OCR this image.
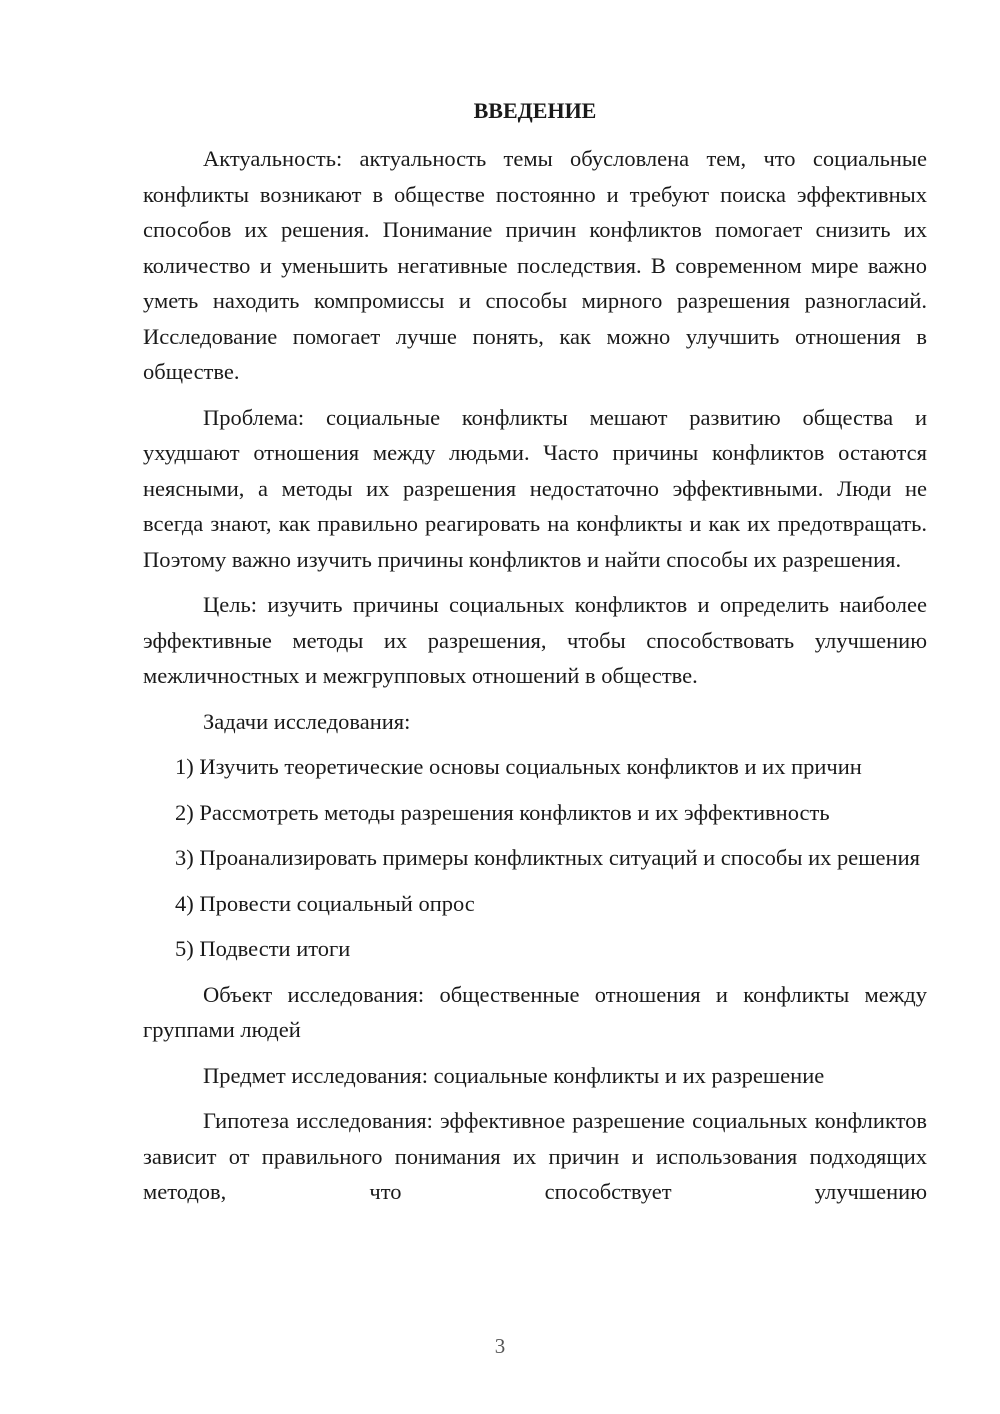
ВВЕДЕНИЕ

Актуальность: актуальность темы обусловлена тем, что социальные конфликты возникают в обществе постоянно и требуют поиска эффективных способов их решения. Понимание причин конфликтов помогает снизить их количество и уменьшить негативные последствия. В современном мире важно уметь находить компромиссы и способы мирного разрешения разногласий. Исследование помогает лучше понять, как можно улучшить отношения в обществе.

Проблема: социальные конфликты мешают развитию общества и ухудшают отношения между людьми. Часто причины конфликтов остаются неясными, а методы их разрешения недостаточно эффективными. Люди не всегда знают, как правильно реагировать на конфликты и как их предотвращать. Поэтому важно изучить причины конфликтов и найти способы их разрешения.

Цель: изучить причины социальных конфликтов и определить наиболее эффективные методы их разрешения, чтобы способствовать улучшению межличностных и межгрупповых отношений в обществе.

Задачи исследования:

1) Изучить теоретические основы социальных конфликтов и их причин

2) Рассмотреть методы разрешения конфликтов и их эффективность

3) Проанализировать примеры конфликтных ситуаций и способы их решения

4) Провести социальный опрос

5) Подвести итоги

Объект исследования: общественные отношения и конфликты между группами людей

Предмет исследования: социальные конфликты и их разрешение

Гипотеза исследования: эффективное разрешение социальных конфликтов зависит от правильного понимания их причин и использования подходящих методов, что способствует улучшению

3
